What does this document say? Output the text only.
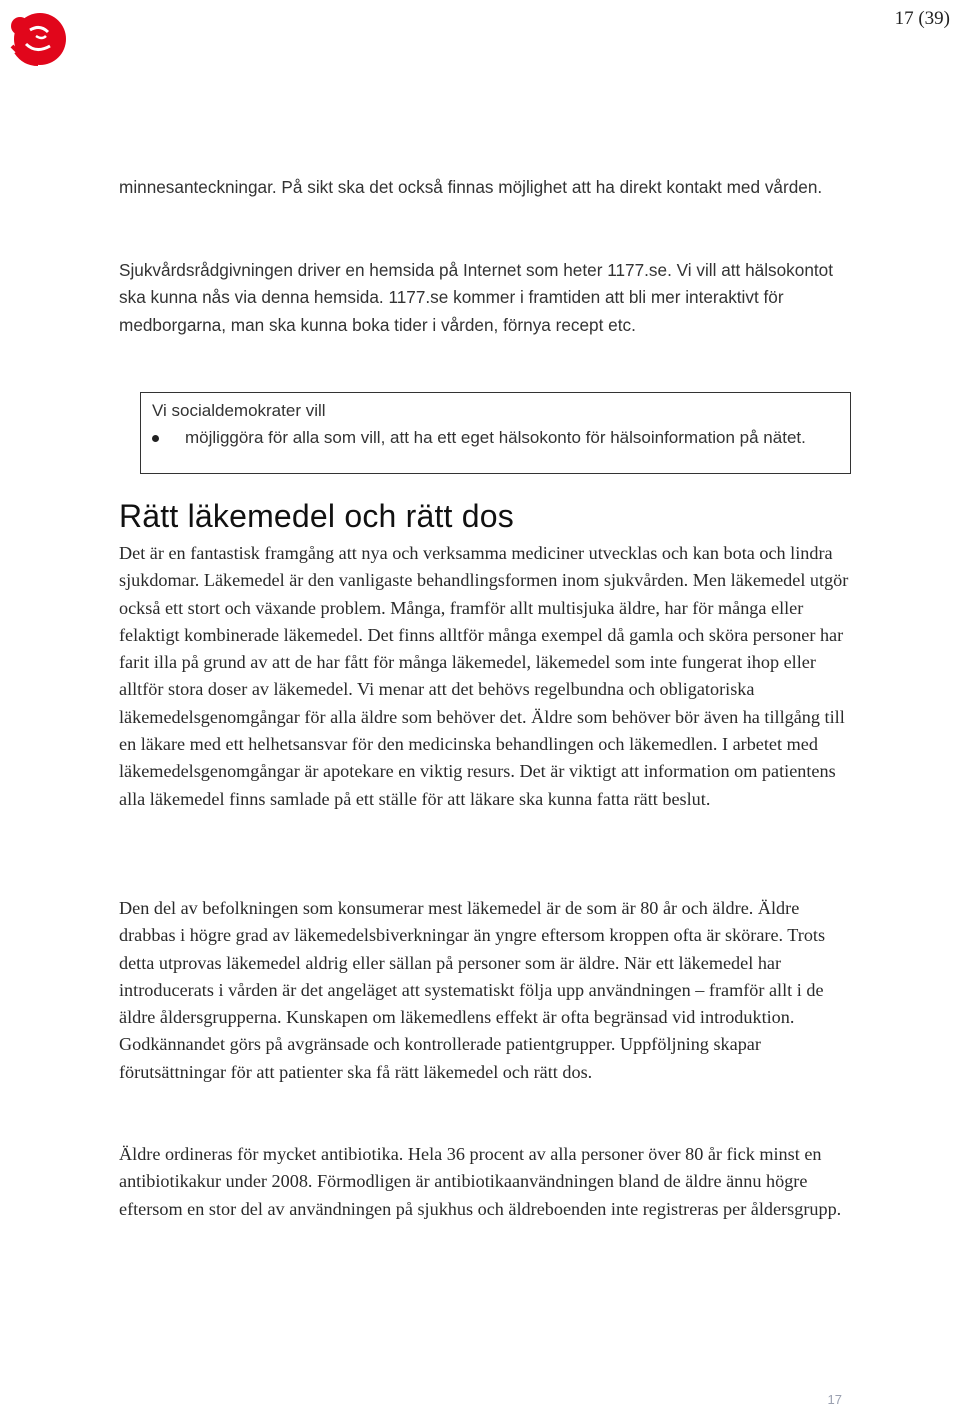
17 (39)

minnesanteckningar. På sikt ska det också finnas möjlighet att ha direkt kontakt med vården.

Sjukvårdsrådgivningen driver en hemsida på Internet som heter 1177.se. Vi vill att hälsokontot ska kunna nås via denna hemsida. 1177.se kommer i framtiden att bli mer interaktivt för medborgarna, man ska kunna boka tider i vården, förnya recept etc.

Vi socialdemokrater vill
möjliggöra för alla som vill, att ha ett eget hälsokonto för hälsoinformation på nätet.
Rätt läkemedel och rätt dos

Det är en fantastisk framgång att nya och verksamma mediciner utvecklas och kan bota och lindra sjukdomar. Läkemedel är den vanligaste behandlingsformen inom sjukvården. Men läkemedel utgör också ett stort och växande problem. Många, framför allt multisjuka äldre, har för många eller felaktigt kombinerade läkemedel. Det finns alltför många exempel då gamla och sköra personer har farit illa på grund av att de har fått för många läkemedel, läkemedel som inte fungerat ihop eller alltför stora doser av läkemedel. Vi menar att det behövs regelbundna och obligatoriska läkemedelsgenomgångar för alla äldre som behöver det. Äldre som behöver bör även ha tillgång till en läkare med ett helhetsansvar för den medicinska behandlingen och läkemedlen. I arbetet med läkemedelsgenomgångar är apotekare en viktig resurs. Det är viktigt att information om patientens alla läkemedel finns samlade på ett ställe för att läkare ska kunna fatta rätt beslut.

Den del av befolkningen som konsumerar mest läkemedel är de som är 80 år och äldre. Äldre drabbas i högre grad av läkemedelsbiverkningar än yngre eftersom kroppen ofta är skörare. Trots detta utprovas läkemedel aldrig eller sällan på personer som är äldre. När ett läkemedel har introducerats i vården är det angeläget att systematiskt följa upp användningen – framför allt i de äldre åldersgrupperna. Kunskapen om läkemedlens effekt är ofta begränsad vid introduktion. Godkännandet görs på avgränsade och kontrollerade patientgrupper. Uppföljning skapar förutsättningar för att patienter ska få rätt läkemedel och rätt dos.

Äldre ordineras för mycket antibiotika. Hela 36 procent av alla personer över 80 år fick minst en antibiotikakur under 2008. Förmodligen är antibiotikaanvändningen bland de äldre ännu högre eftersom en stor del av användningen på sjukhus och äldreboenden inte registreras per åldersgrupp.

17
